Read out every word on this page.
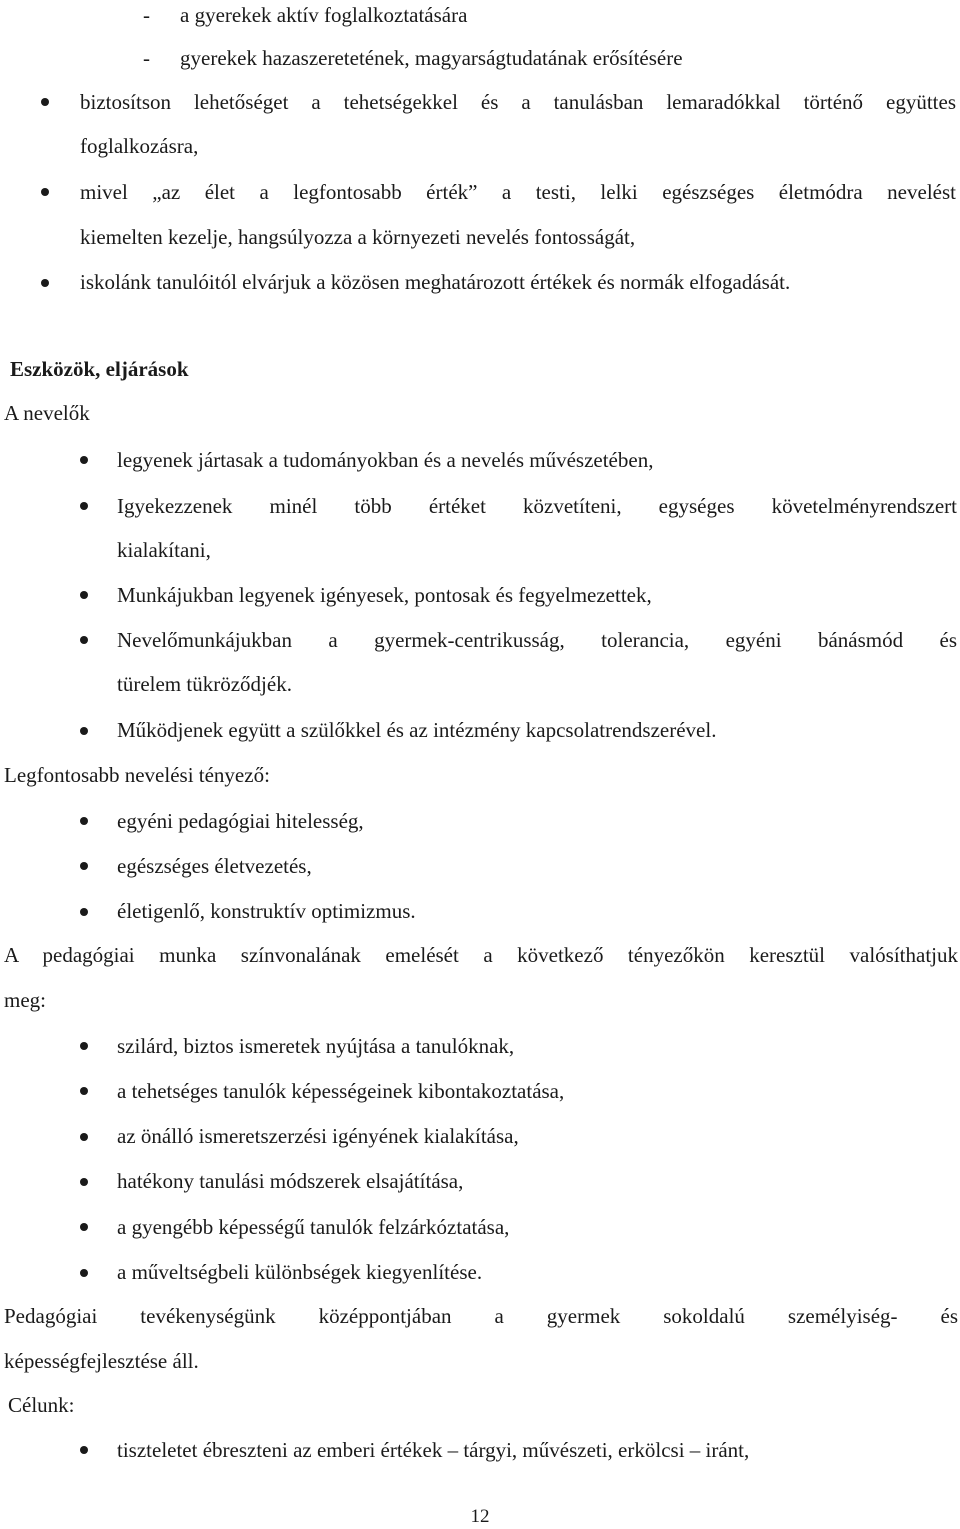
- a gyerekek aktív foglalkoztatására
- gyerekek hazaszeretetének, magyarságtudatának erősítésére
biztosítson lehetőséget a tehetségekkel és a tanulásban lemaradókkal történő együttes
foglalkozásra,
mivel „az élet a legfontosabb érték” a testi, lelki egészséges életmódra nevelést
kiemelten kezelje, hangsúlyozza a környezeti nevelés fontosságát,
iskolánk tanulóitól elvárjuk a közösen meghatározott értékek és normák elfogadását.
Eszközök, eljárások
A nevelők
legyenek jártasak a tudományokban és a nevelés művészetében,
Igyekezzenek minél több értéket közvetíteni, egységes követelményrendszert
kialakítani,
Munkájukban legyenek igényesek, pontosak és fegyelmezettek,
Nevelőmunkájukban a gyermek-centrikusság, tolerancia, egyéni bánásmód és
türelem tükröződjék.
Működjenek együtt a szülőkkel és az intézmény kapcsolatrendszerével.
Legfontosabb nevelési tényező:
egyéni pedagógiai hitelesség,
egészséges életvezetés,
életigenlő, konstruktív optimizmus.
A pedagógiai munka színvonalának emelését a következő tényezőkön keresztül valósíthatjuk
meg:
szilárd, biztos ismeretek nyújtása a tanulóknak,
a tehetséges tanulók képességeinek kibontakoztatása,
az önálló ismeretszerzési igényének kialakítása,
hatékony tanulási módszerek elsajátítása,
a gyengébb képességű tanulók felzárkóztatása,
a műveltségbeli különbségek kiegyenlítése.
Pedagógiai tevékenységünk középpontjában a gyermek sokoldalú személyiség- és
képességfejlesztése áll.
Célunk:
tiszteletet ébreszteni az emberi értékek – tárgyi, művészeti, erkölcsi – iránt,
12
